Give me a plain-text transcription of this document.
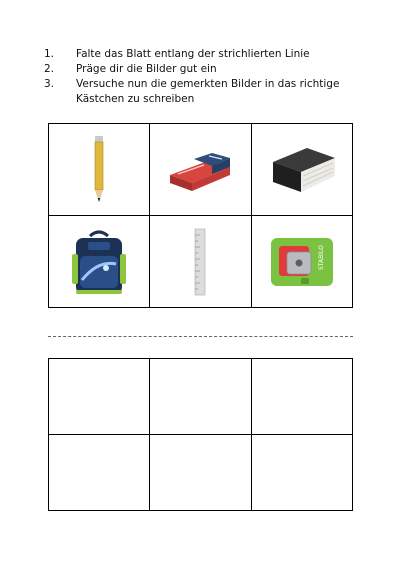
1.	Falte das Blatt entlang der strichlierten Linie
2.	Präge dir die Bilder gut ein
3.	Versuche nun die gemerkten Bilder in das richtige Kästchen zu schreiben

STABILO
